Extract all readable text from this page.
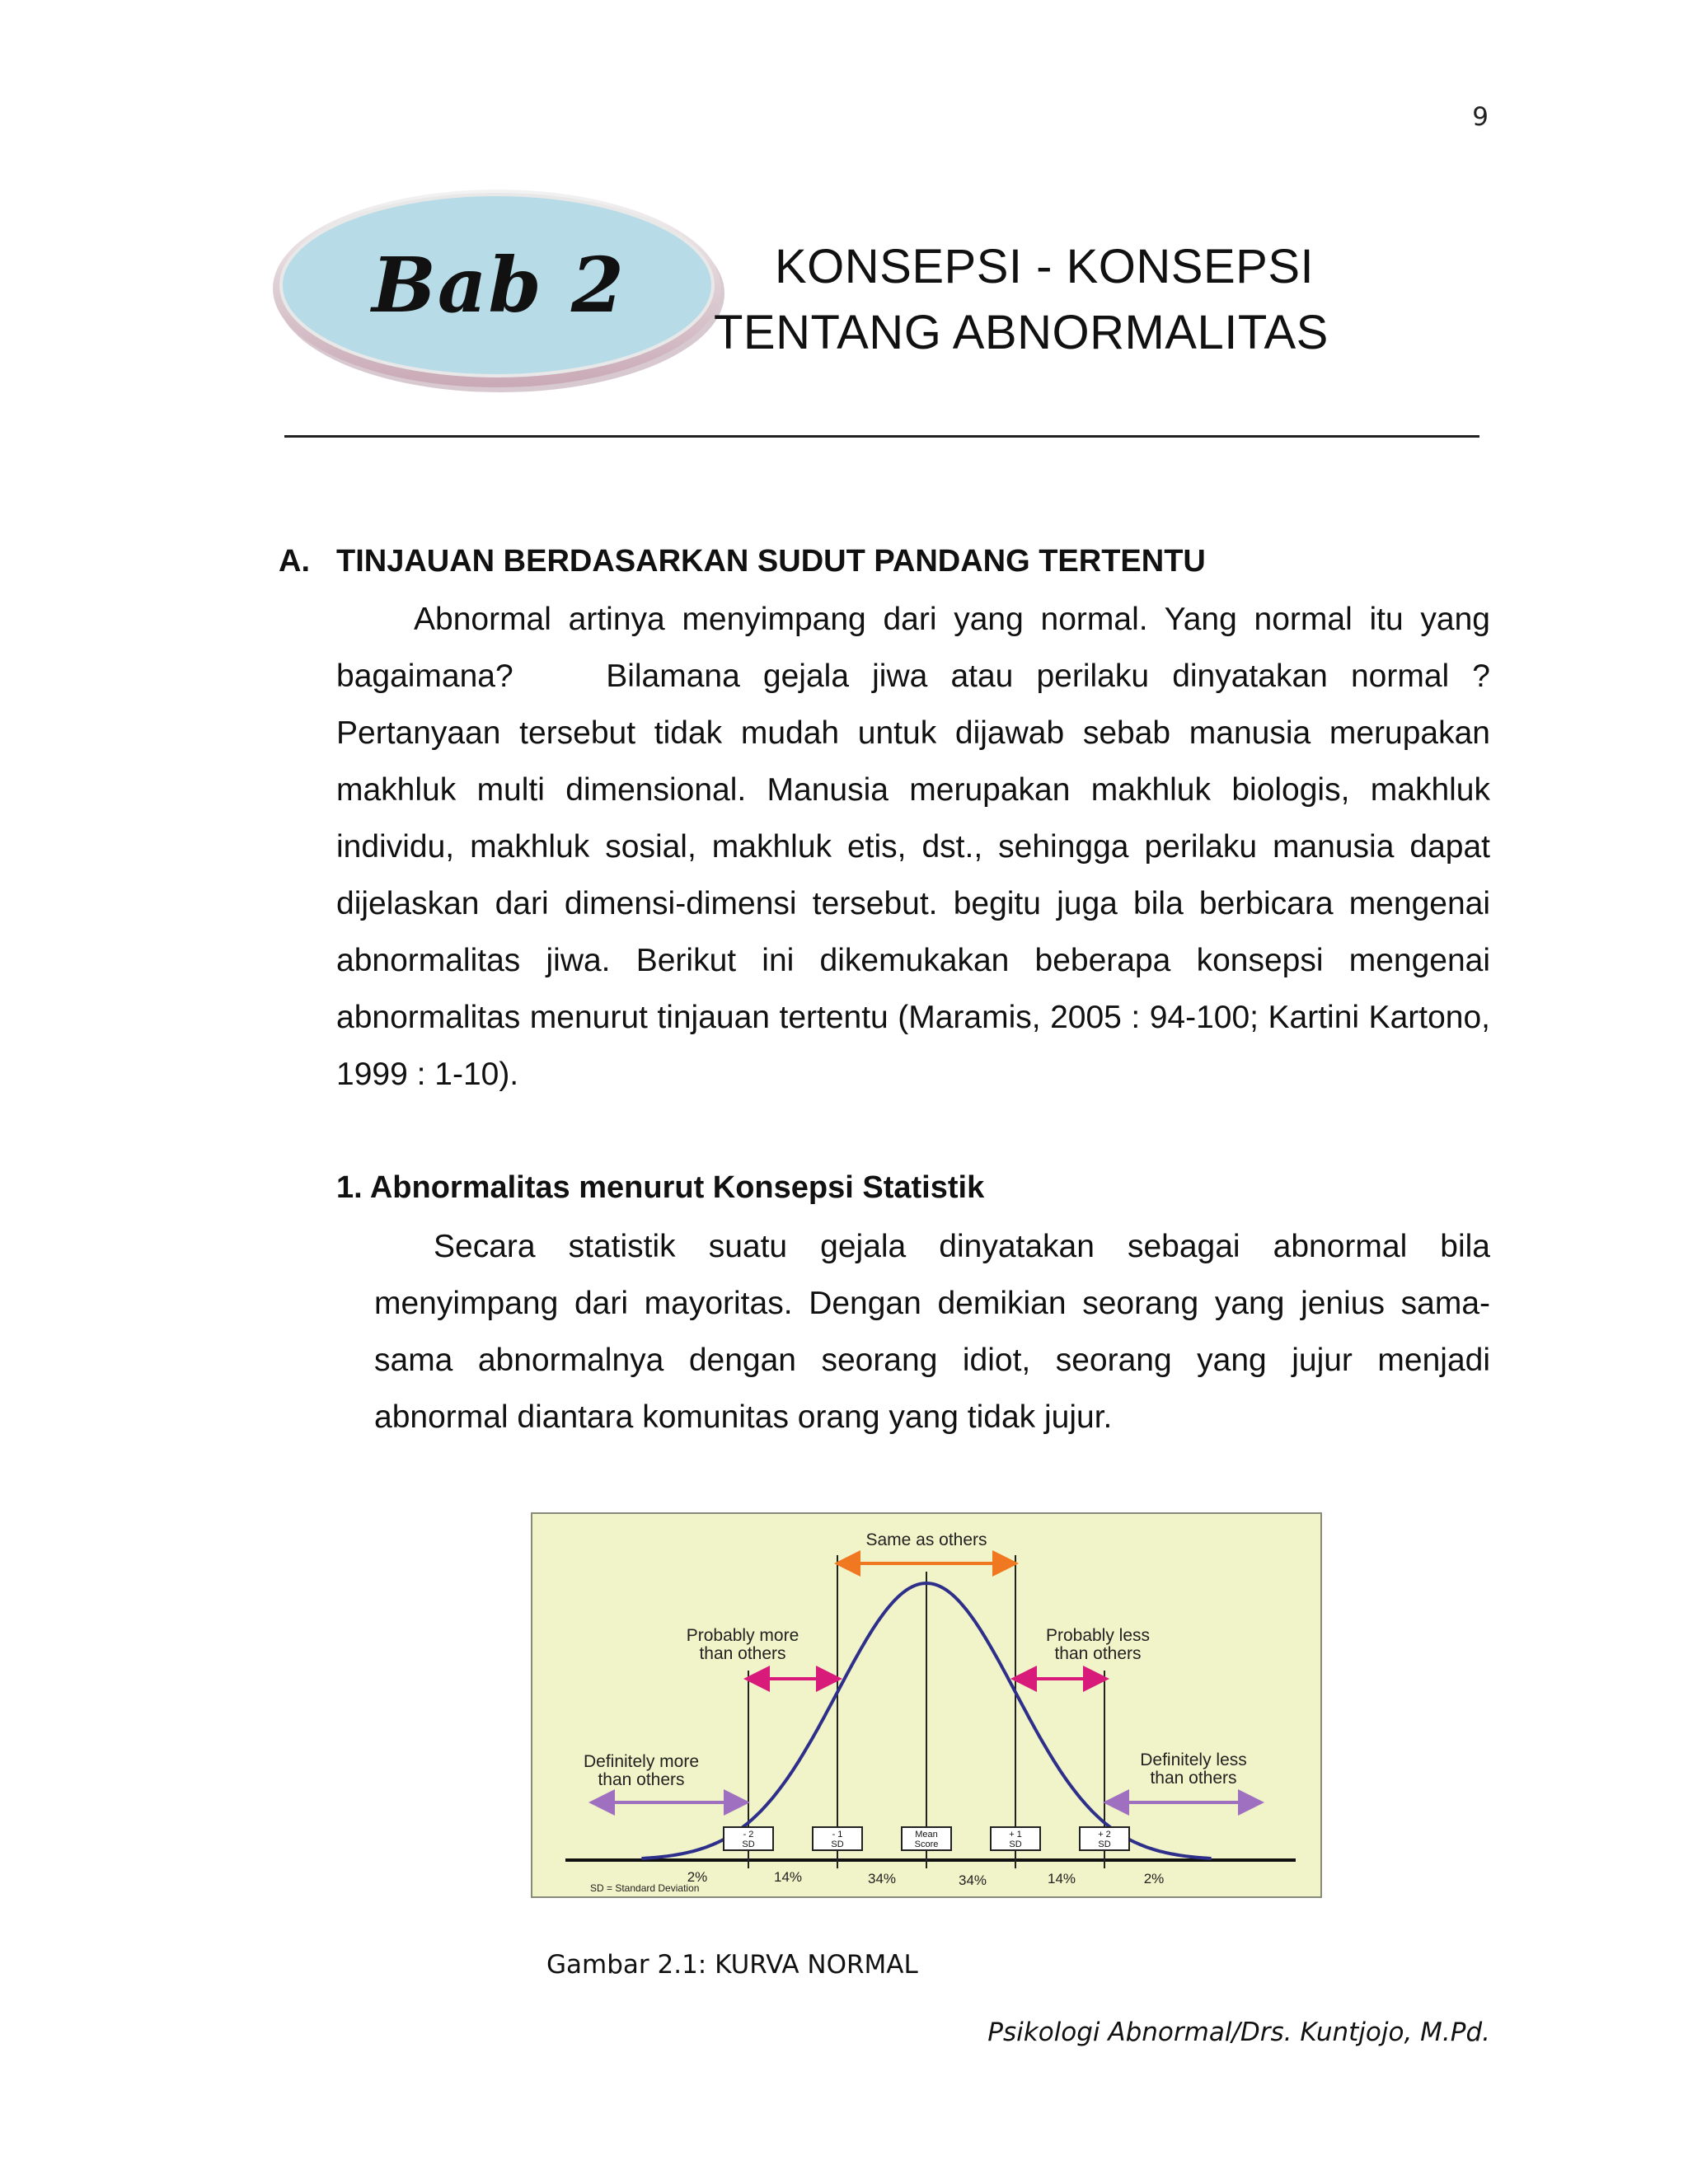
9
Bab 2	KONSEPSI - KONSEPSI
TENTANG ABNORMALITAS
A. TINJAUAN BERDASARKAN SUDUT PANDANG TERTENTU
Abnormal artinya menyimpang dari yang normal. Yang normal itu yang bagaimana?    Bilamana gejala jiwa atau perilaku dinyatakan normal ? Pertanyaan tersebut tidak mudah untuk dijawab sebab manusia merupakan makhluk multi dimensional. Manusia merupakan makhluk biologis, makhluk individu, makhluk sosial, makhluk etis, dst., sehingga perilaku manusia dapat dijelaskan dari dimensi-dimensi tersebut. begitu juga bila berbicara mengenai abnormalitas jiwa. Berikut ini dikemukakan beberapa konsepsi mengenai abnormalitas menurut tinjauan tertentu (Maramis, 2005 : 94-100; Kartini Kartono, 1999 : 1-10).
1. Abnormalitas menurut Konsepsi Statistik
Secara statistik suatu gejala dinyatakan sebagai abnormal bila menyimpang dari mayoritas. Dengan demikian seorang yang jenius sama-sama abnormalnya dengan seorang idiot, seorang yang jujur menjadi abnormal diantara komunitas orang yang tidak jujur.
Same as others
Probably more
than others
Probably less
than others
Definitely more
than others
Definitely less
than others
- 2
SD
- 1
SD
Mean
Score
+ 1
SD
+ 2
SD
2%	14%	34%	34%	14%	2%
SD = Standard Deviation
Gambar 2.1: KURVA NORMAL
Psikologi Abnormal/Drs. Kuntjojo, M.Pd.
